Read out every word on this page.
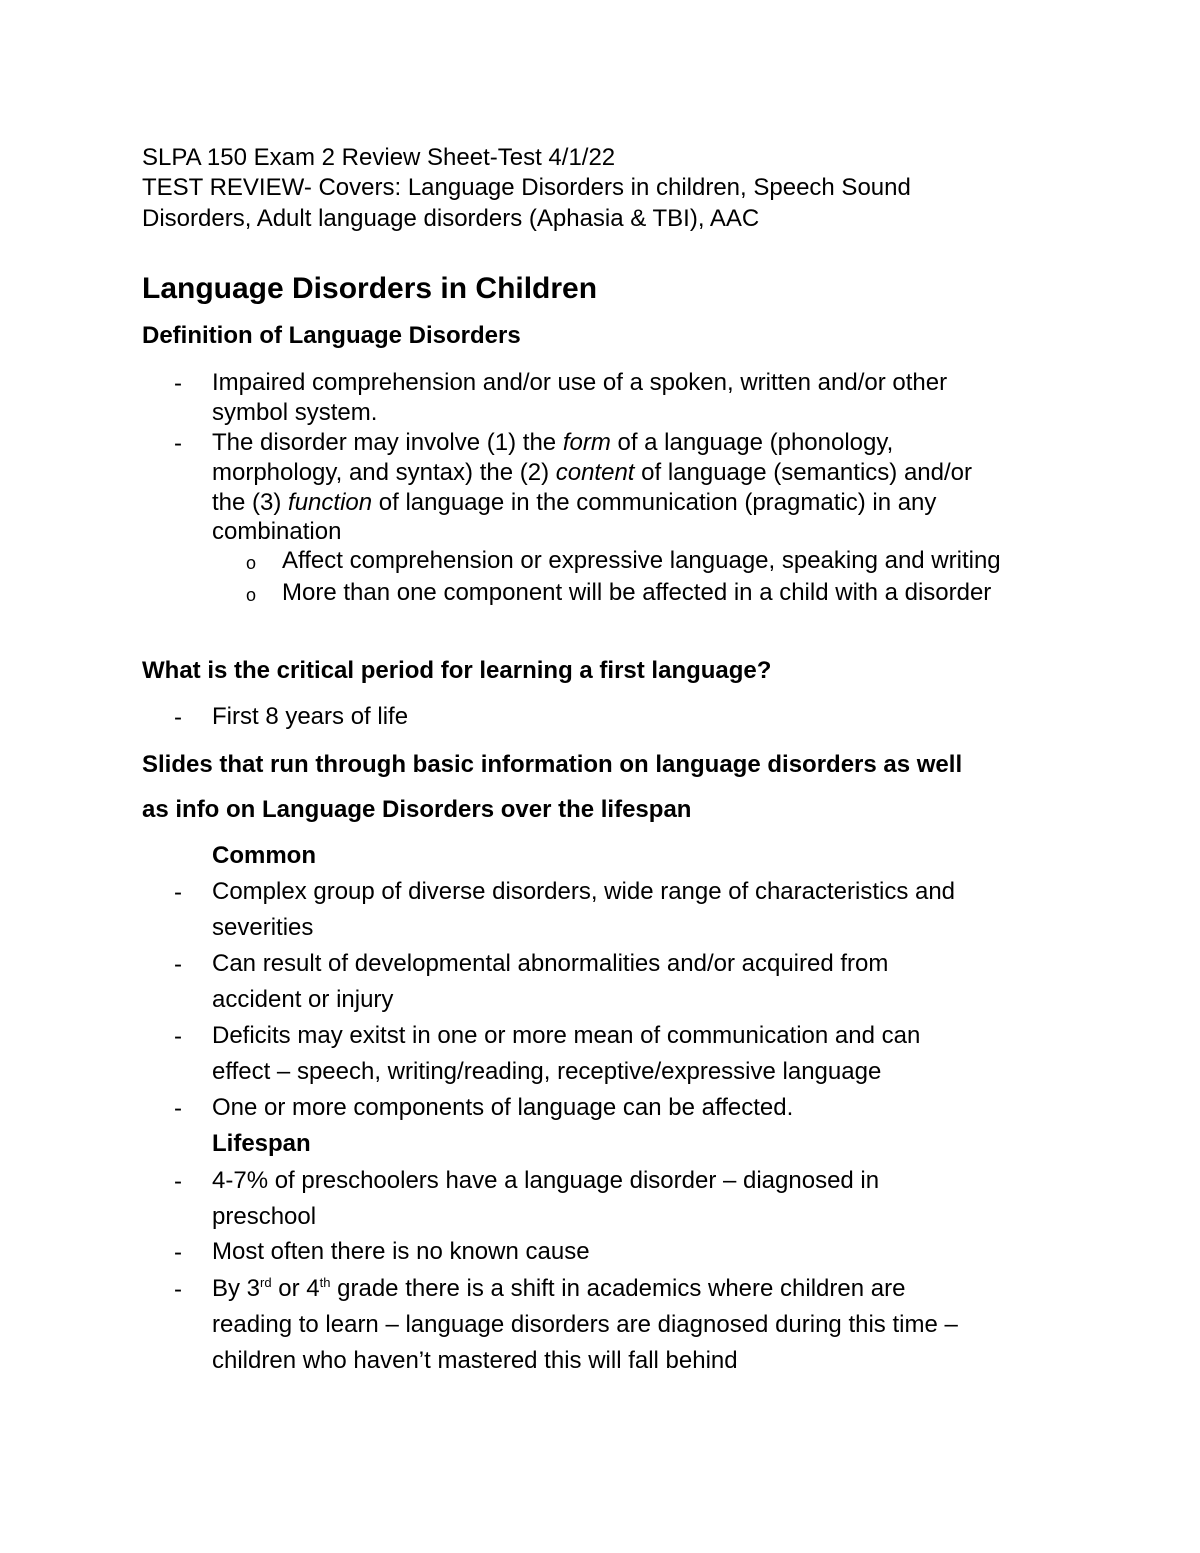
SLPA 150 Exam 2 Review Sheet-Test 4/1/22
TEST REVIEW- Covers: Language Disorders in children, Speech Sound
Disorders, Adult language disorders (Aphasia & TBI), AAC
Language Disorders in Children
Definition of Language Disorders
- Impaired comprehension and/or use of a spoken, written and/or other
symbol system.
- The disorder may involve (1) the form of a language (phonology,
morphology, and syntax) the (2) content of language (semantics) and/or
the (3) function of language in the communication (pragmatic) in any
combination
o Affect comprehension or expressive language, speaking and writing
o More than one component will be affected in a child with a disorder
What is the critical period for learning a first language?
- First 8 years of life
Slides that run through basic information on language disorders as well
as info on Language Disorders over the lifespan
Common
- Complex group of diverse disorders, wide range of characteristics and
severities
- Can result of developmental abnormalities and/or acquired from
accident or injury
- Deficits may exitst in one or more mean of communication and can
effect – speech, writing/reading, receptive/expressive language
- One or more components of language can be affected.
Lifespan
- 4-7% of preschoolers have a language disorder – diagnosed in
preschool
- Most often there is no known cause
- By 3rd or 4th grade there is a shift in academics where children are
reading to learn – language disorders are diagnosed during this time –
children who haven’t mastered this will fall behind
